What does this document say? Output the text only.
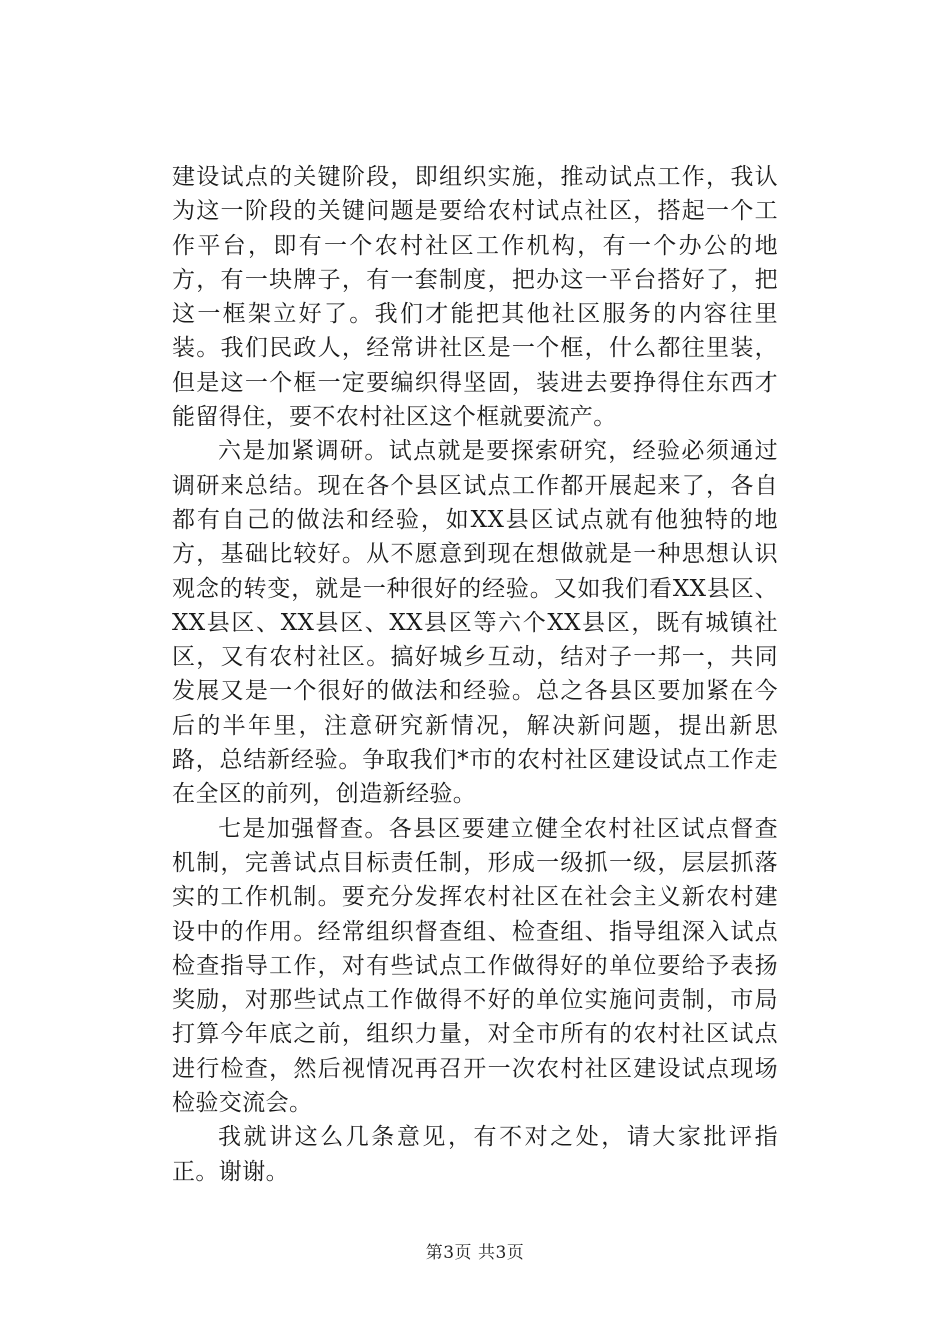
建设试点的关键阶段，即组织实施，推动试点工作，我认为这一阶段的关键问题是要给农村试点社区，搭起一个工作平台，即有一个农村社区工作机构，有一个办公的地方，有一块牌子，有一套制度，把办这一平台搭好了，把这一框架立好了。我们才能把其他社区服务的内容往里装。我们民政人，经常讲社区是一个框，什么都往里装，但是这一个框一定要编织得坚固，装进去要挣得住东西才能留得住，要不农村社区这个框就要流产。

六是加紧调研。试点就是要探索研究，经验必须通过调研来总结。现在各个县区试点工作都开展起来了，各自都有自己的做法和经验，如XX县区试点就有他独特的地方，基础比较好。从不愿意到现在想做就是一种思想认识观念的转变，就是一种很好的经验。又如我们看XX县区、XX县区、XX县区、XX县区等六个XX县区，既有城镇社区，又有农村社区。搞好城乡互动，结对子一邦一，共同发展又是一个很好的做法和经验。总之各县区要加紧在今后的半年里，注意研究新情况，解决新问题，提出新思路，总结新经验。争取我们*市的农村社区建设试点工作走在全区的前列，创造新经验。

七是加强督查。各县区要建立健全农村社区试点督查机制，完善试点目标责任制，形成一级抓一级，层层抓落实的工作机制。要充分发挥农村社区在社会主义新农村建设中的作用。经常组织督查组、检查组、指导组深入试点检查指导工作，对有些试点工作做得好的单位要给予表扬奖励，对那些试点工作做得不好的单位实施问责制，市局打算今年底之前，组织力量，对全市所有的农村社区试点进行检查，然后视情况再召开一次农村社区建设试点现场检验交流会。

我就讲这么几条意见，有不对之处，请大家批评指正。谢谢。

第3页 共3页
